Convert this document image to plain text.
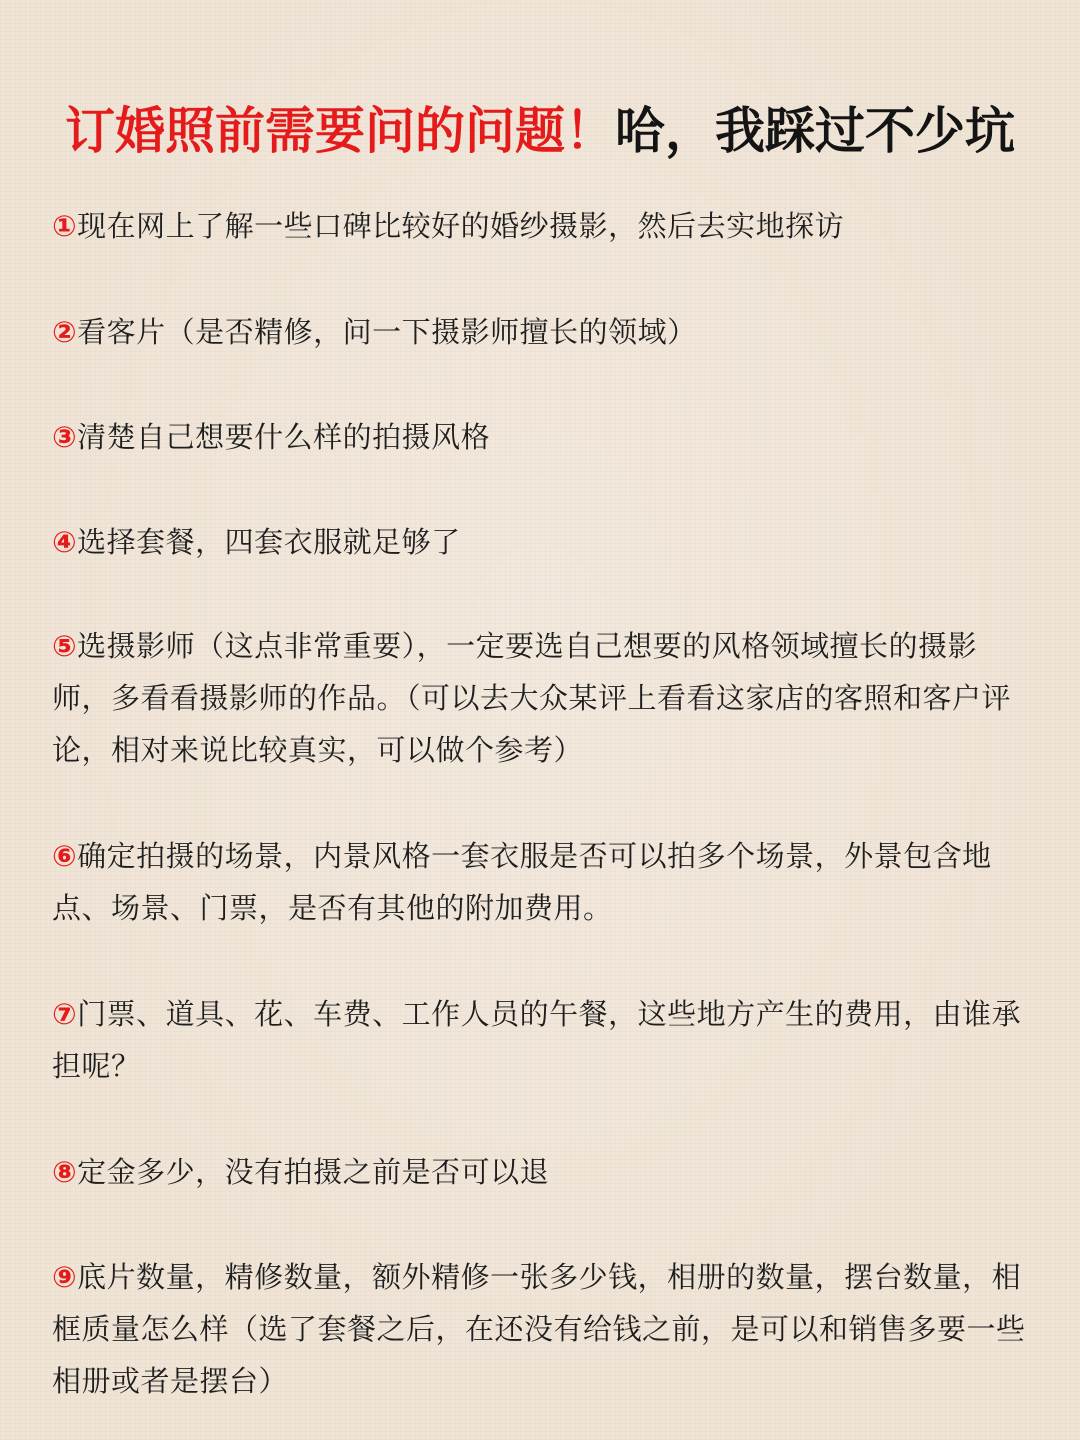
订婚照前需要问的问题！哈，我踩过不少坑
①现在网上了解一些口碑比较好的婚纱摄影，然后去实地探访
②看客片（是否精修，问一下摄影师擅长的领域）
③清楚自己想要什么样的拍摄风格
④选择套餐，四套衣服就足够了
⑤选摄影师（这点非常重要），一定要选自己想要的风格领域擅长的摄影师，多看看摄影师的作品。（可以去大众某评上看看这家店的客照和客户评论，相对来说比较真实，可以做个参考）
⑥确定拍摄的场景，内景风格一套衣服是否可以拍多个场景，外景包含地点、场景、门票，是否有其他的附加费用。
⑦门票、道具、花、车费、工作人员的午餐，这些地方产生的费用，由谁承担呢？
⑧定金多少，没有拍摄之前是否可以退
⑨底片数量，精修数量，额外精修一张多少钱，相册的数量，摆台数量，相框质量怎么样（选了套餐之后，在还没有给钱之前，是可以和销售多要一些相册或者是摆台）
